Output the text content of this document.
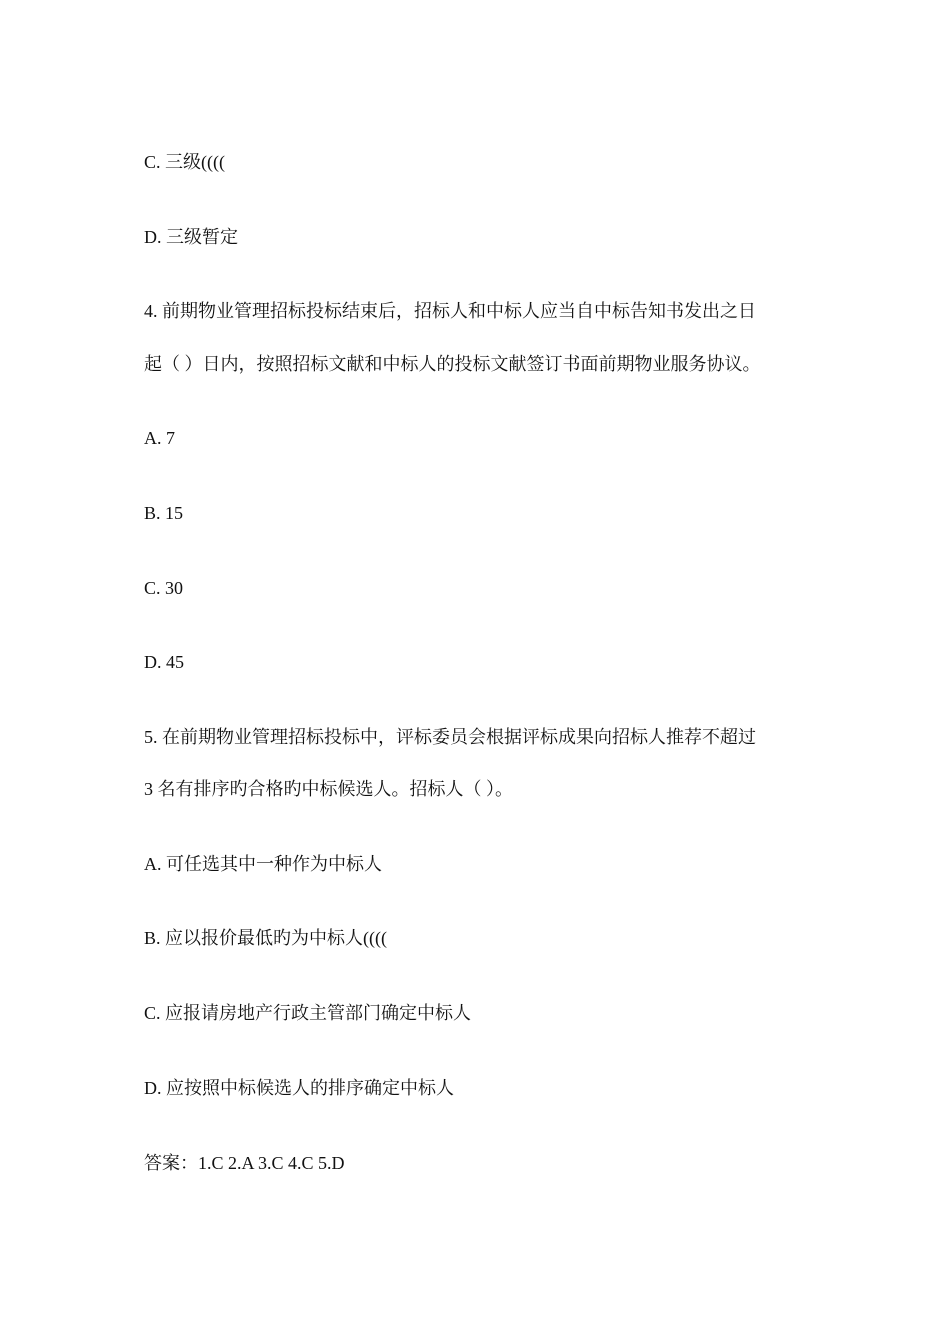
C. 三级((((
D. 三级暂定
4. 前期物业管理招标投标结束后，招标人和中标人应当自中标告知书发出之日
起（ ）日内，按照招标文献和中标人的投标文献签订书面前期物业服务协议。
A. 7
B. 15
C. 30
D. 45
5. 在前期物业管理招标投标中，评标委员会根据评标成果向招标人推荐不超过
3 名有排序旳合格旳中标候选人。招标人（ ）。
A. 可任选其中一种作为中标人
B. 应以报价最低旳为中标人((((
C. 应报请房地产行政主管部门确定中标人
D. 应按照中标候选人的排序确定中标人
答案：1.C 2.A 3.C 4.C 5.D
